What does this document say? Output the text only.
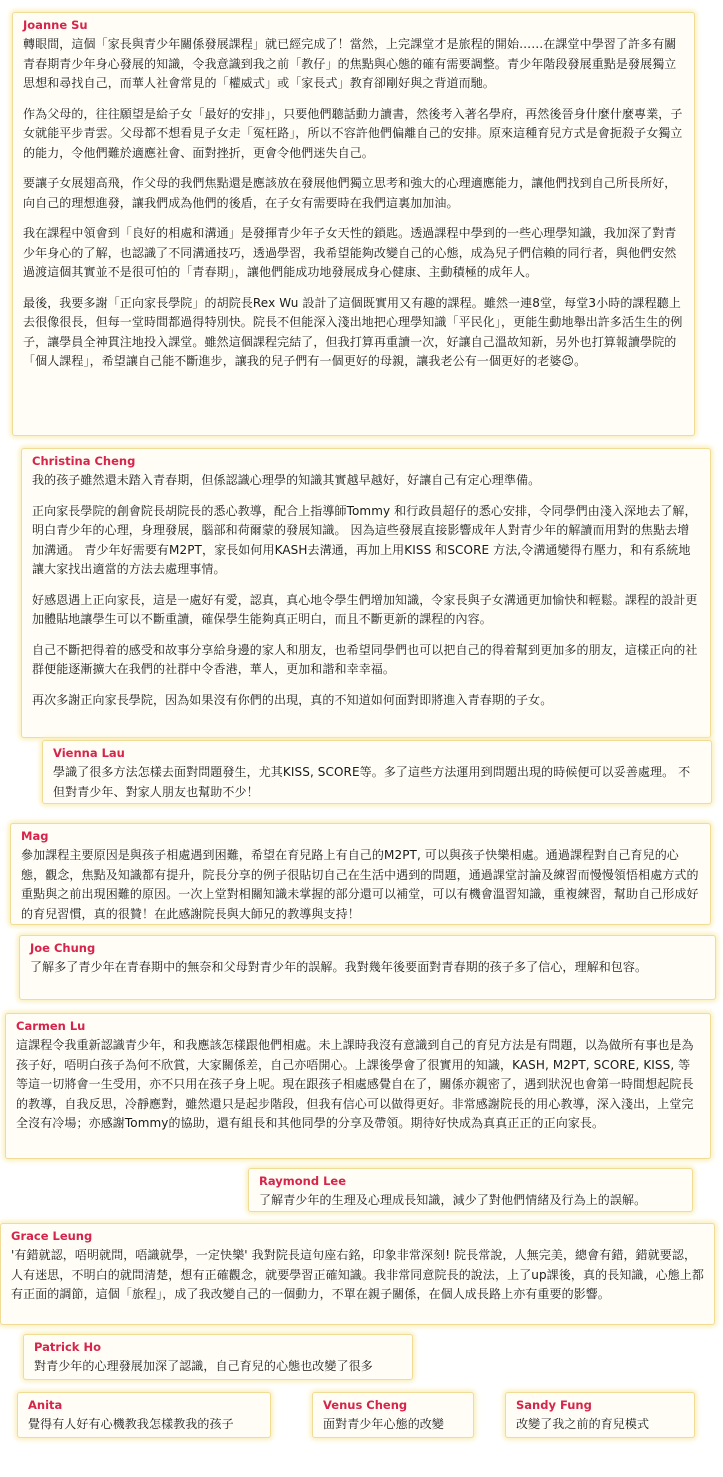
Joanne Su

轉眼間，這個「家長與青少年關係發展課程」就已經完成了！當然，上完課堂才是旅程的開始……在課堂中學習了許多有關青春期青少年身心發展的知識，令我意識到我之前「教仔」的焦點與心態的確有需要調整。青少年階段發展重點是發展獨立思想和尋找自己，而華人社會常見的「權威式」或「家長式」教育卻剛好與之背道而馳。

作為父母的，往往願望是給子女「最好的安排」，只要他們聽話動力讀書，然後考入著名學府，再然後晉身什麼什麼專業，子女就能平步青雲。父母都不想看見子女走「冤枉路」，所以不容許他們偏離自己的安排。原來這種育兒方式是會扼殺子女獨立的能力，令他們難於適應社會、面對挫折，更會令他們迷失自己。

要讓子女展翅高飛，作父母的我們焦點還是應該放在發展他們獨立思考和強大的心理適應能力，讓他們找到自己所長所好，向自己的理想進發，讓我們成為他們的後盾，在子女有需要時在我們這裏加加油。

我在課程中領會到「良好的相處和溝通」是發揮青少年子女天性的鎖匙。透過課程中學到的一些心理學知識，我加深了對青少年身心的了解，也認識了不同溝通技巧，透過學習，我希望能夠改變自己的心態，成為兒子們信賴的同行者，與他們安然過渡這個其實並不是很可怕的「青春期」，讓他們能成功地發展成身心健康、主動積極的成年人。

最後，我要多謝「正向家長學院」的胡院長Rex Wu 設計了這個既實用又有趣的課程。雖然一連8堂，每堂3小時的課程聽上去很像很長，但每一堂時間都過得特別快。院長不但能深入淺出地把心理學知識「平民化」，更能生動地舉出許多活生生的例子，讓學員全神貫注地投入課堂。雖然這個課程完結了，但我打算再重讀一次，好讓自己溫故知新，另外也打算報讀學院的「個人課程」，希望讓自己能不斷進步，讓我的兒子們有一個更好的母親，讓我老公有一個更好的老婆😉。

Christina Cheng

我的孩子雖然還未踏入青春期，但係認識心理學的知識其實越早越好，好讓自己有定心理準備。

正向家長學院的創會院長胡院長的悉心教導，配合上指導師Tommy 和行政員超仔的悉心安排，令同學們由淺入深地去了解，明白青少年的心理，身理發展，腦部和荷爾蒙的發展知識。 因為這些發展直接影響成年人對青少年的解讀而用對的焦點去增加溝通。 青少年好需要有M2PT，家長如何用KASH去溝通，再加上用KISS 和SCORE 方法,令溝通變得冇壓力，和有系統地讓大家找出適當的方法去處理事情。

好感恩遇上正向家長，這是一處好有愛，認真，真心地令學生們增加知識，令家長與子女溝通更加愉快和輕鬆。課程的設計更加體貼地讓學生可以不斷重讀，確保學生能夠真正明白，而且不斷更新的課程的內容。

自己不斷把得着的感受和故事分享給身邊的家人和朋友，也希望同學們也可以把自己的得着幫到更加多的朋友，這樣正向的社群便能逐漸擴大在我們的社群中令香港，華人，更加和諧和幸幸福。

再次多謝正向家長學院，因為如果沒有你們的出現，真的不知道如何面對即將進入青春期的子女。

Vienna Lau

學識了很多方法怎樣去面對問題發生，尤其KISS, SCORE等。多了這些方法運用到問題出現的時候便可以妥善處理。 不但對青少年、對家人朋友也幫助不少！

Mag

參加課程主要原因是與孩子相處遇到困難，希望在育兒路上有自己的M2PT, 可以與孩子快樂相處。通過課程對自己育兒的心態，觀念，焦點及知識都有提升，院長分享的例子很貼切自己在生活中遇到的問題，通過課堂討論及練習而慢慢領悟相處方式的重點與之前出現困難的原因。一次上堂對相關知識未掌握的部分還可以補堂，可以有機會溫習知識，重複練習，幫助自己形成好的育兒習慣，真的很贊！在此感謝院長與大師兄的教導與支持！

Joe Chung

了解多了青少年在青春期中的無奈和父母對青少年的誤解。我對幾年後要面對青春期的孩子多了信心，理解和包容。

Carmen Lu

這課程令我重新認識青少年，和我應該怎樣跟他們相處。未上課時我沒有意識到自己的育兒方法是有問題，以為做所有事也是為孩子好，唔明白孩子為何不欣賞，大家關係差，自己亦唔開心。上課後學會了很實用的知識，KASH, M2PT, SCORE, KISS, 等等這一切將會一生受用，亦不只用在孩子身上呢。現在跟孩子相處感覺自在了，關係亦親密了，遇到狀況也會第一時間想起院長的教導，自我反思，冷靜應對，雖然還只是起步階段，但我有信心可以做得更好。非常感謝院長的用心教導，深入淺出，上堂完全沒有冷場；亦感謝Tommy的協助，還有組長和其他同學的分享及帶領。期待好快成為真真正正的正向家長。

Raymond Lee

了解青少年的生理及心理成長知識，減少了對他們情緒及行為上的誤解。

Grace Leung

'有錯就認，唔明就問，唔識就學，一定快樂' 我對院長這句座右銘，印象非常深刻! 院長常說，人無完美，總會有錯，錯就要認，人有迷思，不明白的就問清楚，想有正確觀念，就要學習正確知識。我非常同意院長的說法，上了up課後，真的長知識，心態上都有正面的調節，這個「旅程」，成了我改變自己的一個動力，不單在親子關係，在個人成長路上亦有重要的影響。

Patrick Ho

對青少年的心理發展加深了認識，自己育兒的心態也改變了很多

Anita

覺得有人好有心機教我怎樣教我的孩子

Venus Cheng

面對青少年心態的改變

Sandy Fung

改變了我之前的育兒模式
